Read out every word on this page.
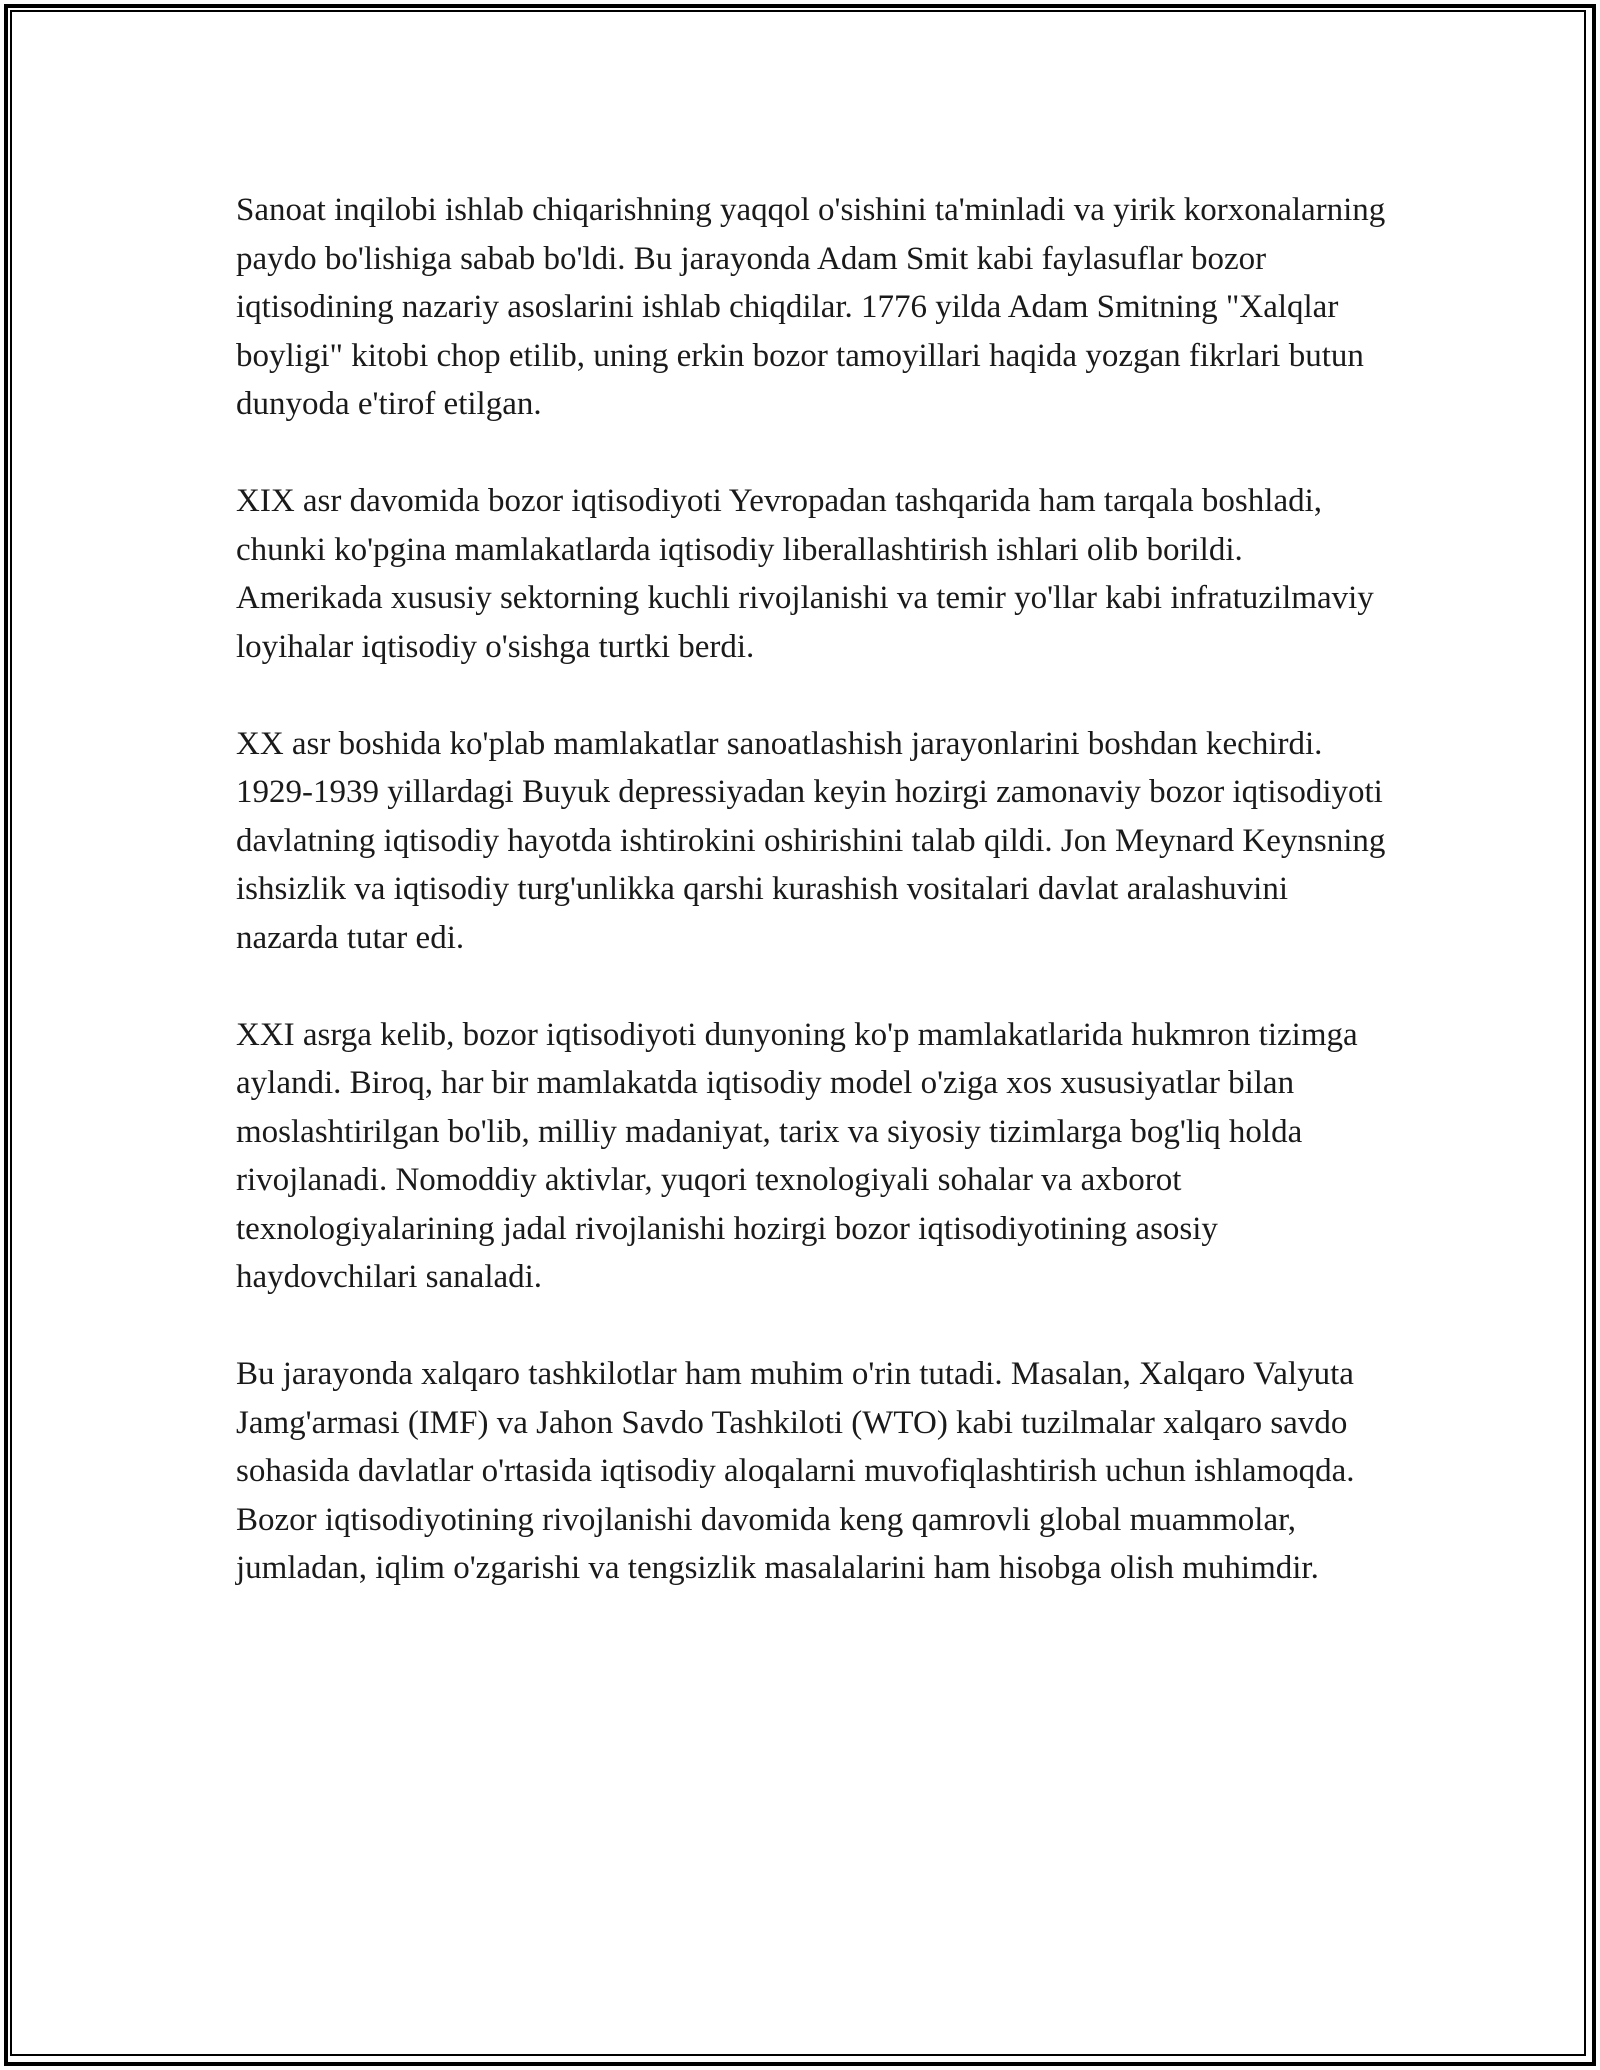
Sanoat inqilobi ishlab chiqarishning yaqqol o'sishini ta'minladi va yirik korxonalarning paydo bo'lishiga sabab bo'ldi. Bu jarayonda Adam Smit kabi faylasuflar bozor iqtisodining nazariy asoslarini ishlab chiqdilar. 1776 yilda Adam Smitning "Xalqlar boyligi" kitobi chop etilib, uning erkin bozor tamoyillari haqida yozgan fikrlari butun dunyoda e'tirof etilgan.

XIX asr davomida bozor iqtisodiyoti Yevropadan tashqarida ham tarqala boshladi, chunki ko'pgina mamlakatlarda iqtisodiy liberallashtirish ishlari olib borildi. Amerikada xususiy sektorning kuchli rivojlanishi va temir yo'llar kabi infratuzilmaviy loyihalar iqtisodiy o'sishga turtki berdi.

XX asr boshida ko'plab mamlakatlar sanoatlashish jarayonlarini boshdan kechirdi. 1929-1939 yillardagi Buyuk depressiyadan keyin hozirgi zamonaviy bozor iqtisodiyoti davlatning iqtisodiy hayotda ishtirokini oshirishini talab qildi. Jon Meynard Keynsning ishsizlik va iqtisodiy turg'unlikka qarshi kurashish vositalari davlat aralashuvini nazarda tutar edi.

XXI asrga kelib, bozor iqtisodiyoti dunyoning ko'p mamlakatlarida hukmron tizimga aylandi. Biroq, har bir mamlakatda iqtisodiy model o'ziga xos xususiyatlar bilan moslashtirilgan bo'lib, milliy madaniyat, tarix va siyosiy tizimlarga bog'liq holda rivojlanadi. Nomoddiy aktivlar, yuqori texnologiyali sohalar va axborot texnologiyalarining jadal rivojlanishi hozirgi bozor iqtisodiyotining asosiy haydovchilari sanaladi.

Bu jarayonda xalqaro tashkilotlar ham muhim o'rin tutadi. Masalan, Xalqaro Valyuta Jamg'armasi (IMF) va Jahon Savdo Tashkiloti (WTO) kabi tuzilmalar xalqaro savdo sohasida davlatlar o'rtasida iqtisodiy aloqalarni muvofiqlashtirish uchun ishlamoqda. Bozor iqtisodiyotining rivojlanishi davomida keng qamrovli global muammolar, jumladan, iqlim o'zgarishi va tengsizlik masalalarini ham hisobga olish muhimdir.
